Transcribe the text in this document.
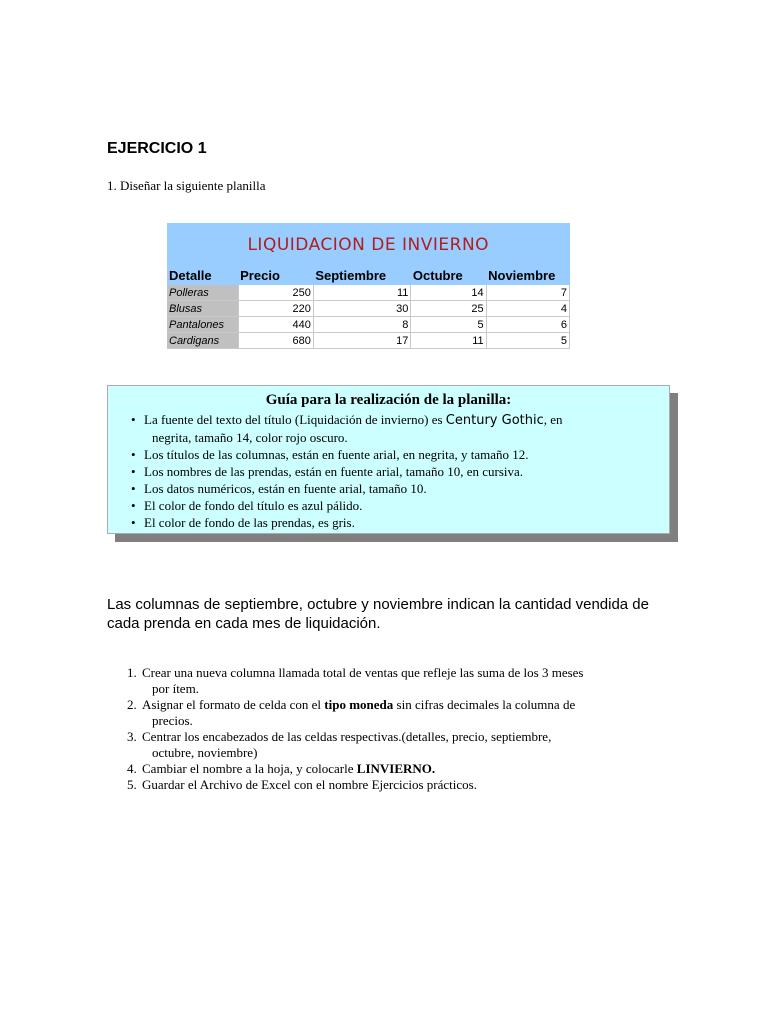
EJERCICIO 1
1. Diseñar la siguiente planilla
LIQUIDACION DE INVIERNO				
Detalle	Precio	Septiembre	Octubre	Noviembre
Polleras	250	11	14	7
Blusas	220	30	25	4
Pantalones	440	8	5	6
Cardigans	680	17	11	5
Guía para la realización de la planilla:
• La fuente del texto del título (Liquidación de invierno) es Century Gothic, en
negrita, tamaño 14, color rojo oscuro.
• Los títulos de las columnas, están en fuente arial, en negrita, y tamaño 12.
• Los nombres de las prendas, están en fuente arial, tamaño 10, en cursiva.
• Los datos numéricos, están en fuente arial, tamaño 10.
• El color de fondo del título es azul pálido.
• El color de fondo de las prendas, es gris.
Las columnas de septiembre, octubre y noviembre indican la cantidad vendida de cada prenda en cada mes de liquidación.
1. Crear una nueva columna llamada total de ventas que refleje las suma de los 3 meses
por ítem.
2. Asignar el formato de celda con el tipo moneda sin cifras decimales la columna de
precios.
3. Centrar los encabezados de las celdas respectivas.(detalles, precio, septiembre,
octubre, noviembre)
4. Cambiar el nombre a la hoja, y colocarle LINVIERNO.
5. Guardar el Archivo de Excel con el nombre Ejercicios prácticos.
